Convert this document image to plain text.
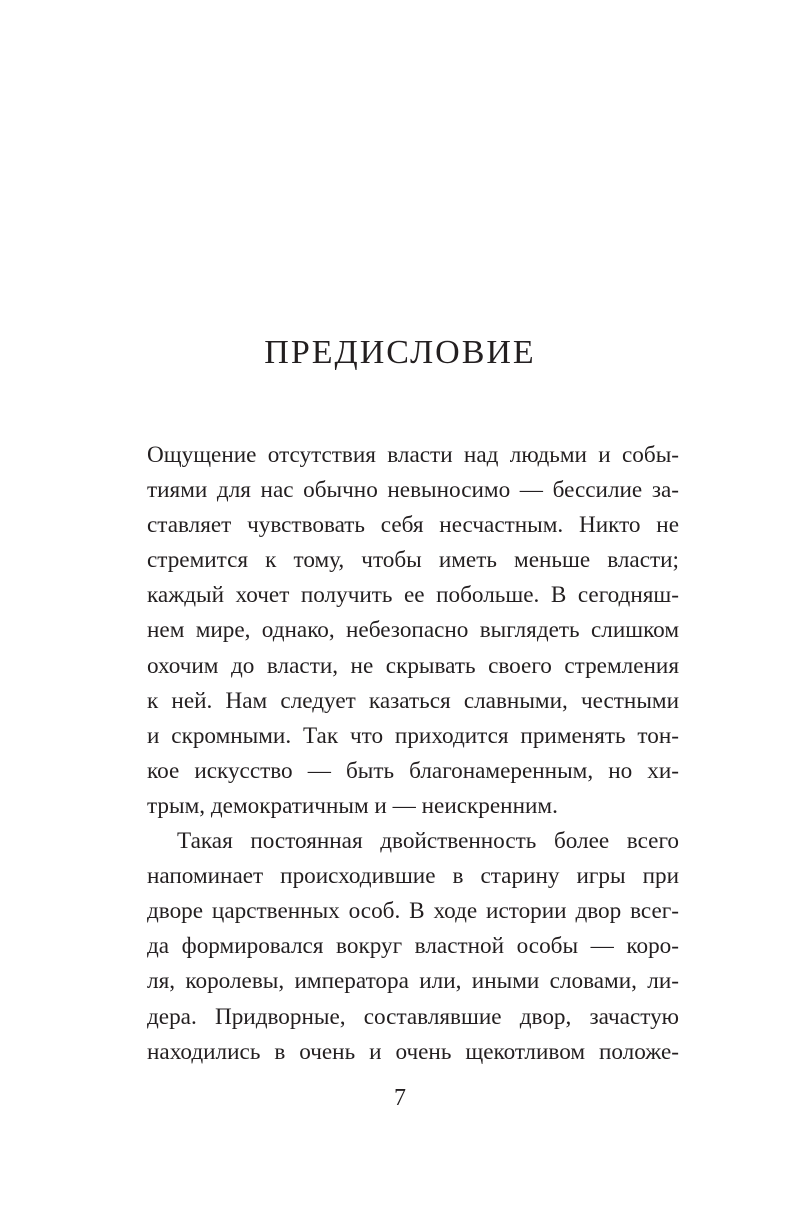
ПРЕДИСЛОВИЕ
Ощущение отсутствия власти над людьми и собы-
тиями для нас обычно невыносимо — бессилие за-
ставляет чувствовать себя несчастным. Никто не
стремится к тому, чтобы иметь меньше власти;
каждый хочет получить ее побольше. В сегодняш-
нем мире, однако, небезопасно выглядеть слишком
охочим до власти, не скрывать своего стремления
к ней. Нам следует казаться славными, честными
и скромными. Так что приходится применять тон-
кое искусство — быть благонамеренным, но хи-
трым, демократичным и — неискренним.
Такая постоянная двойственность более всего
напоминает происходившие в старину игры при
дворе царственных особ. В ходе истории двор всег-
да формировался вокруг властной особы — коро-
ля, королевы, императора или, иными словами, ли-
дера. Придворные, составлявшие двор, зачастую
находились в очень и очень щекотливом положе-
7
